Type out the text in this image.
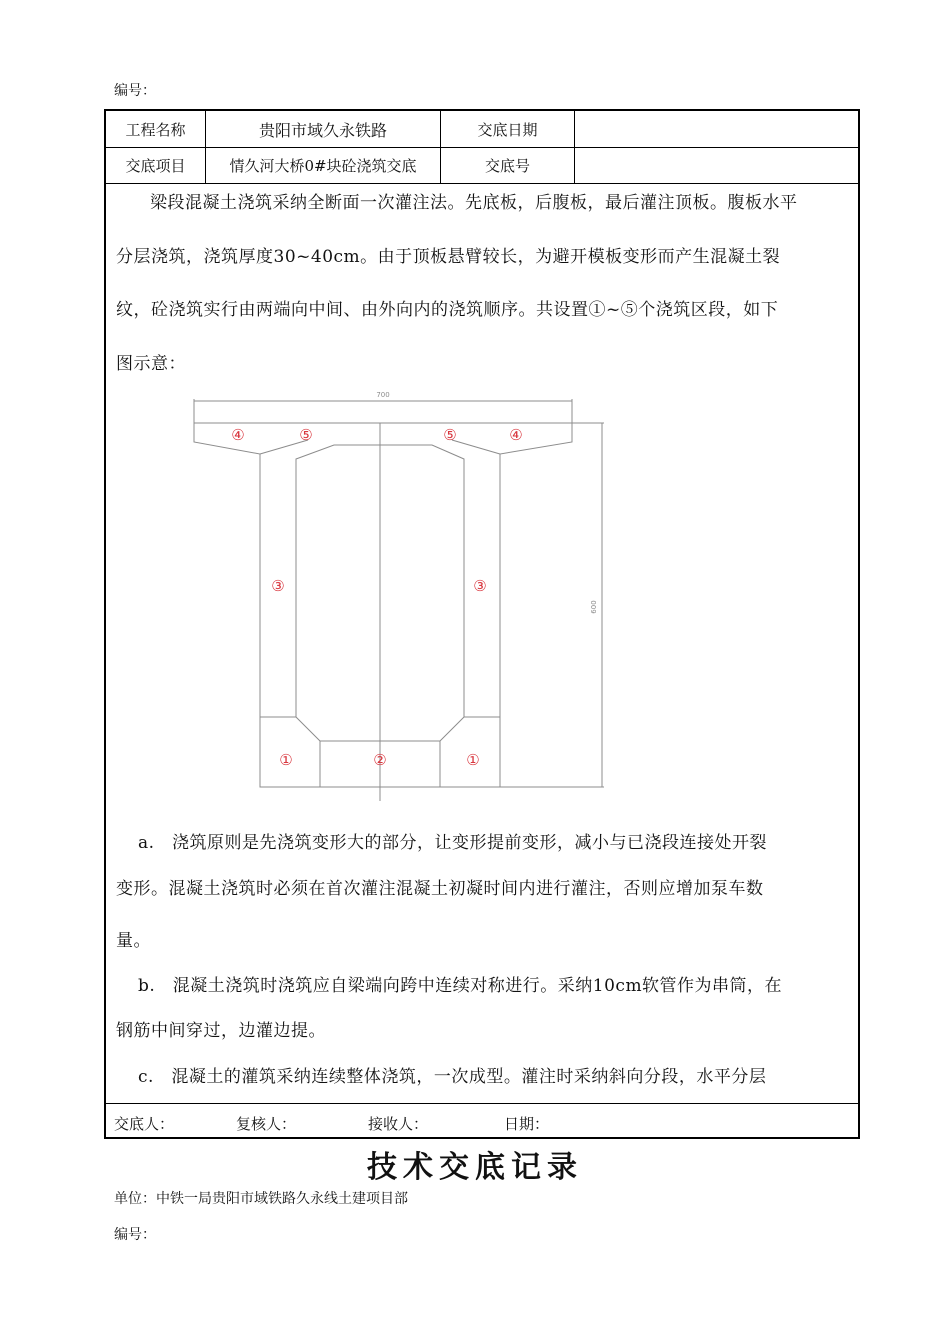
编号：
工程名称	贵阳市域久永铁路	交底日期
交底项目	情久河大桥0#块砼浇筑交底	交底号
梁段混凝土浇筑采纳全断面一次灌注法。先底板，后腹板，最后灌注顶板。腹板水平
分层浇筑，浇筑厚度30~40cm。由于顶板悬臂较长，为避开模板变形而产生混凝土裂
纹，砼浇筑实行由两端向中间、由外向内的浇筑顺序。共设置①~⑤个浇筑区段，如下
图示意：
700
600
④	⑤	⑤	④
③	③
①	②	①
a.　浇筑原则是先浇筑变形大的部分，让变形提前变形，减小与已浇段连接处开裂
变形。混凝土浇筑时必须在首次灌注混凝土初凝时间内进行灌注，否则应增加泵车数
量。
b.　混凝土浇筑时浇筑应自梁端向跨中连续对称进行。采纳10cm软管作为串筒，在
钢筋中间穿过，边灌边提。
c.　混凝土的灌筑采纳连续整体浇筑，一次成型。灌注时采纳斜向分段，水平分层
交底人：	复核人：	接收人：	日期：
技术交底记录
单位：中铁一局贵阳市域铁路久永线土建项目部
编号：
